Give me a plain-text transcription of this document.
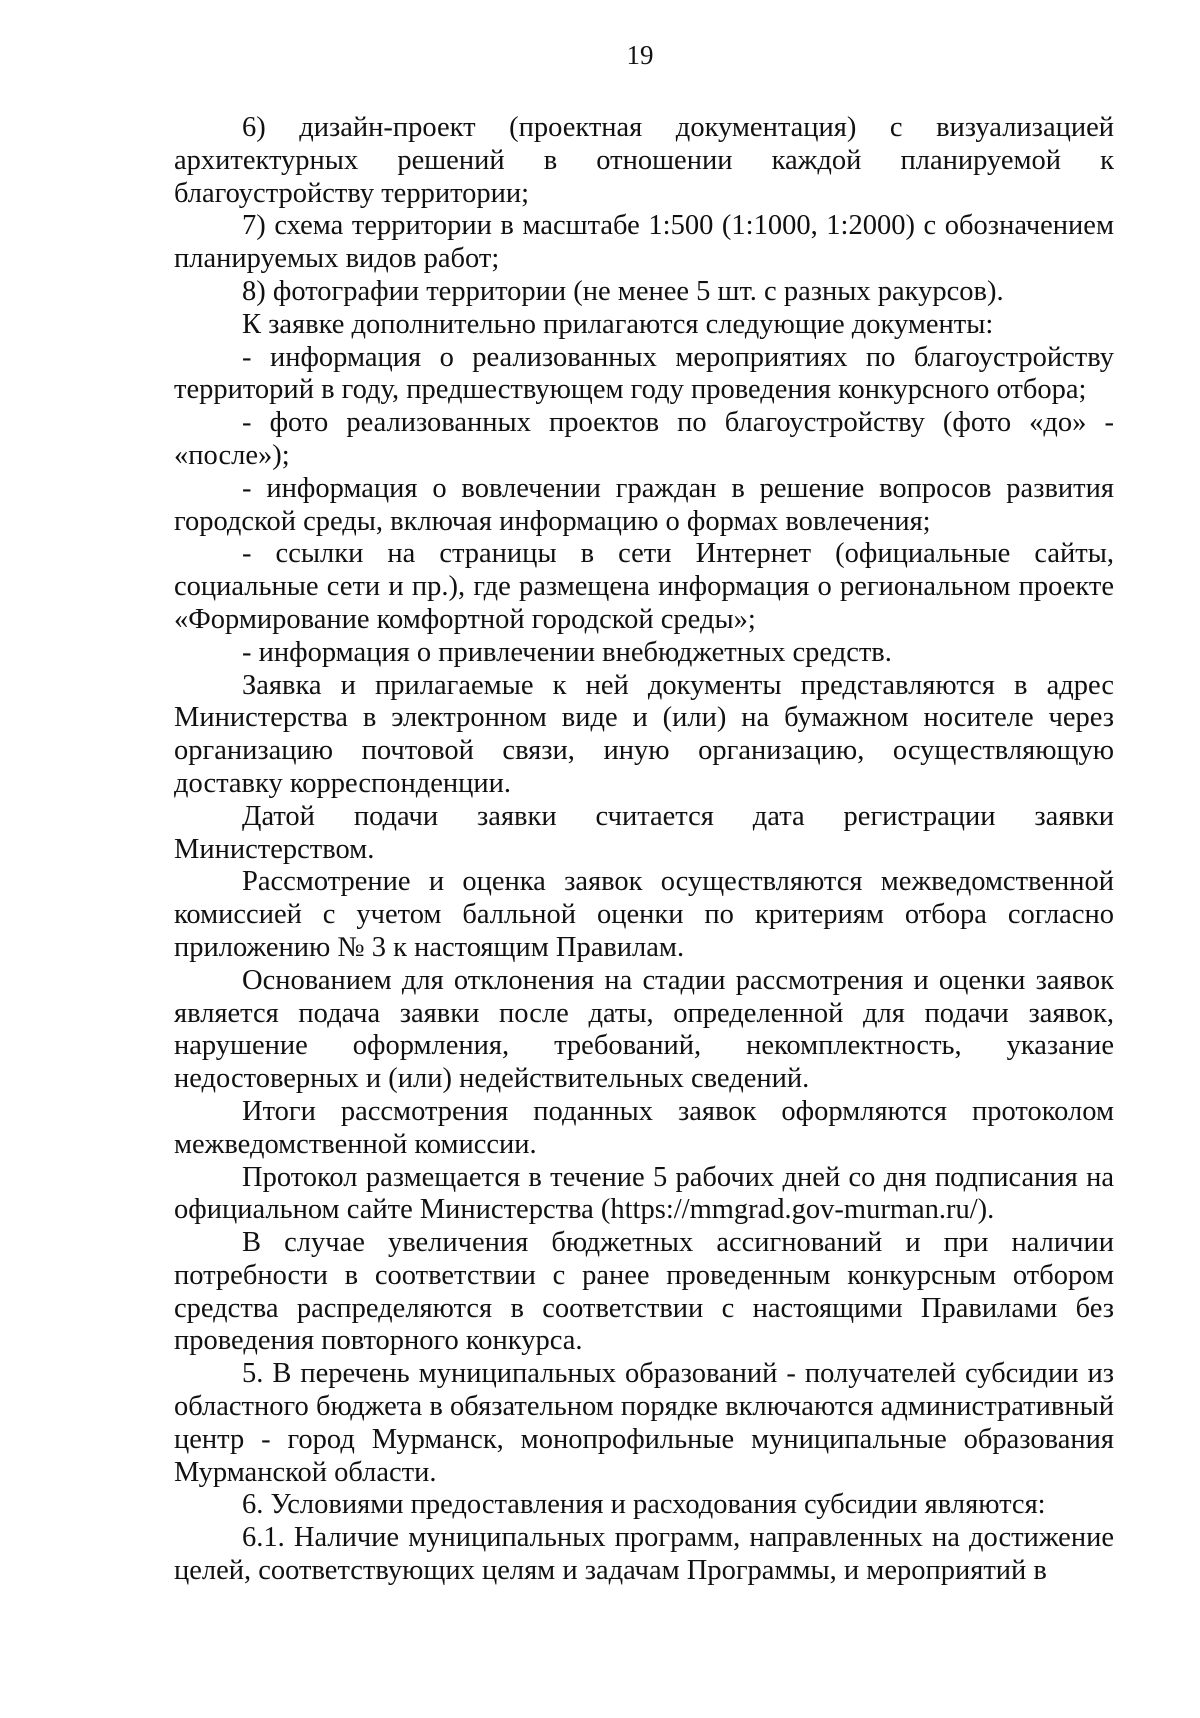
19

6) дизайн-проект (проектная документация) с визуализацией архитектурных решений в отношении каждой планируемой к благоустройству территории;

7) схема территории в масштабе 1:500 (1:1000, 1:2000) с обозначением планируемых видов работ;

8) фотографии территории (не менее 5 шт. с разных ракурсов).

К заявке дополнительно прилагаются следующие документы:

- информация о реализованных мероприятиях по благоустройству территорий в году, предшествующем году проведения конкурсного отбора;

- фото реализованных проектов по благоустройству (фото «до» - «после»);

- информация о вовлечении граждан в решение вопросов развития городской среды, включая информацию о формах вовлечения;

- ссылки на страницы в сети Интернет (официальные сайты, социальные сети и пр.), где размещена информация о региональном проекте «Формирование комфортной городской среды»;

- информация о привлечении внебюджетных средств.

Заявка и прилагаемые к ней документы представляются в адрес Министерства в электронном виде и (или) на бумажном носителе через организацию почтовой связи, иную организацию, осуществляющую доставку корреспонденции.

Датой подачи заявки считается дата регистрации заявки Министерством.

Рассмотрение и оценка заявок осуществляются межведомственной комиссией с учетом балльной оценки по критериям отбора согласно приложению № 3 к настоящим Правилам.

Основанием для отклонения на стадии рассмотрения и оценки заявок является подача заявки после даты, определенной для подачи заявок, нарушение оформления, требований, некомплектность, указание недостоверных и (или) недействительных сведений.

Итоги рассмотрения поданных заявок оформляются протоколом межведомственной комиссии.

Протокол размещается в течение 5 рабочих дней со дня подписания на официальном сайте Министерства (https://mmgrad.gov-murman.ru/).

В случае увеличения бюджетных ассигнований и при наличии потребности в соответствии с ранее проведенным конкурсным отбором средства распределяются в соответствии с настоящими Правилами без проведения повторного конкурса.

5. В перечень муниципальных образований - получателей субсидии из областного бюджета в обязательном порядке включаются административный центр - город Мурманск, монопрофильные муниципальные образования Мурманской области.

6. Условиями предоставления и расходования субсидии являются:

6.1. Наличие муниципальных программ, направленных на достижение целей, соответствующих целям и задачам Программы, и мероприятий в
